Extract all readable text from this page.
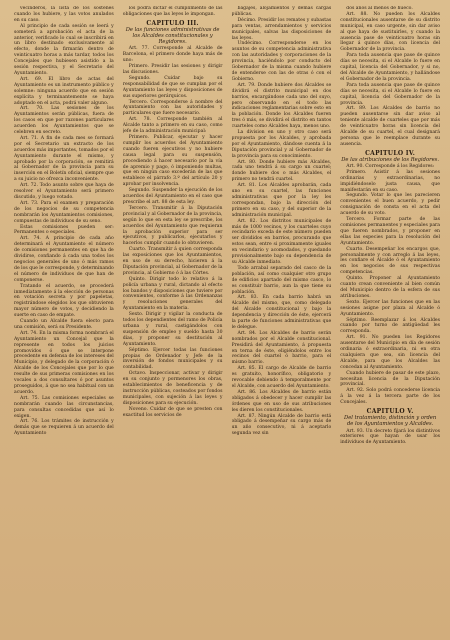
vecinderos, la lista de los sostenes cuando los hubiere, y las votos anulados en su caso.

Al principio de cada sesión se leerá y someterá a aprobación el acta de la anterior, verificado lo cual se inscribirá en un libro destinado exclusivamente al efecto, donde la firmarán dentro de veinticuatro horas a más tardar, todos los Concejales que hubiesen asistido a la sesión respectiva, y el Secretario del Ayuntamiento.

Art. 69. El libro de actas del Ayuntamiento es un instrumento público y solemne: ninguna acuerdo que en sesión explícita y terminantemente se haya adoptado en el acta, podrá valer alguno.

Art. 70. Las sesiones de los Ayuntamientos serán públicas, fuera de los casos en que por razones particulares acuerden los Ayuntamientos que se celebren en secreto.

Art. 71. A fin de cada mes se formará por el Secretario un extracto de los acuerdos más importantes, tomados por el Ayuntamiento durante el mismo, y aprobado por la corporación, se remitirá al Gobernador de la provincia para su inserción en el Boletín oficial, siempre que a su juicio no ofrezca inconveniente.

Art. 72. Todo asunto sobre que haya de resolver el Ayuntamiento será primero discutido, y luego votado.

Art. 73. Para el examen y preparación de los negocios de su competencia nombrarán los Ayuntamientos comisiones, compuestas de individuos de su seno.

Estas comisiones pueden ser: Permanentes o especiales.

Art. 74. A principio de cada año determinará el Ayuntamiento el número de comisiones permanentes en que ha de dividirse, confiando á cada una todos los negocios generales de uno ó más ramos de los que le corresponde, y determinando el número de individuos de que han de componerse.

Tratando el acuerdo, se procederá inmediatamente á la elección de personas en votación secreta y por papeletas, registrándose elegidos los que obtuvieren mayor número de votos, y decidiendo la suerte en caso de empate.

Cuando un Alcalde fuera electo para una comisión, será su Presidente.

Art. 74. En la misma forma nombrará el Ayuntamiento un Concejal que la represente en todos los juicios promovidos ó que se interpone precedente en defensa de los intereses del Municipio, y delegado de la corporación ó Alcalde de los Concejales que por lo que resulte de sus primeras comisiones en los vocales a dos consultares ó por asuntos proseguidos, á que no sea habitual con un acuerdo.

Art. 75. Las comisiones especiales se nombrarán cuando las circunstancias, para consultas concedidas que así lo exigen.

Art. 76. Los trámites de instrucción y demás que se requieren á un acuerdo del Ayuntamiento

los podrá dictar el cumplimiento de las obligaciones que las leyes le impongan.

CAPITULO III.

De las funciones administrativas de los Alcaldes constitucionales y Regidores.

Art. 77. Corresponde al Alcalde de Barcelona, el primero donde haya más de uno:

Primero. Presidir las sesiones y dirigir las discusiones.

Segundo. Cuidar bajo su responsabilidad de que se cumplan por el Ayuntamiento las leyes y disposiciones de sus superiores gerárquicos.

Tercero. Corresponderse á nombre del Ayuntamiento con las autoridades y particulares que fuere necesario.

Art. 78. Corresponde también al Alcalde tanto a primero en su caso, como jefe de la administración municipal:

Primero. Publicar, ejecutar y hacer cumplir los acuerdos del Ayuntamiento cuando fueren ejecutivos y no hubiere causa legal para su suspensión, procediendo á hacer necesario por la vía de apremio y pago, ó imponiendo multas, que en ningún caso excederán de las que establece el párrafo 3.º del artículo 20 y aprobar por insolvencia.

Segundo. Suspender la ejecución de los acuerdos del Ayuntamiento en el caso que prescribe el art. 88 de esta ley.

Tercero. Transmitir á la Diputación provincial y al Gobernador de la provincia, según lo que en esta ley se prescribe, los acuerdos del Ayuntamiento que requieran la aprobación superior para ser ejecutivos, y publicarlos, ejecutarlos y hacerlos cumplir cuando lo obtuvieren.

Cuarto. Transmitir á quien corresponda las exposiciones que los Ayuntamientos, en uso de su derecho, hicieren á la Diputación provincial, al Gobernador de la provincia, al Gobierno ó á las Córtes.

Quinto. Dirigir todo lo relativo á la policía urbana y rural, dictando al efecto los bandos y disposiciones que tuviere por convenientes, conforme á las Ordenanzas y resoluciones generales del Ayuntamiento en la materia.

Sexto. Dirigir y vigilar la conducta de todos los dependientes del ramo de Policía urbana y rural, castigándolos con suspensión de empleo y sueldo hasta 30 días, y proponer su destitución al Ayuntamiento.

Séptimo. Ejercer todas las funciones propias de Ordenador y Jefe de la inversión de fondos municipales y su contabilidad.

Octavo. Inspeccionar, activar y dirigir en su conjunto y pormenores los obras, establecimientos de beneficencia y de instrucción públicas, costeados por fondos municipales, con sujeción á las leyes y disposiciones para su ejecución.

Noveno. Cuidar de que se presten con exactitud los servicios de

bagajes, alojamientos y demás cargas públicas.

Décimo. Presidir los remates y subastas para ventas, arrendamientos y servicios municipales, salvas las disposiciones de las leyes.

Undécimo. Corresponderse en los asuntos de su competencia administrativa con las autoridades y corporaciones de la provincia, haciéndolo por conducto del Gobernador de la misma cuando hubiere de entenderse con las de otras ó con el Gobierno.

Art. 79. Donde hubiere dos Alcaldes se dividirá el distrito municipal en dos barrios, encargándose cada uno del suyo, pero observando en el todo las indicaciones reglamentarias sobre esto en la población. Donde los Alcaldes fueren tres ó más, se dividirá el distrito en tantos cuarteles como Alcaldes haya, menos uno.

La division en uno y otro caso será propuesta por los Alcaldes, y aprobada por el Ayuntamiento, dándose cuenta á la Diputación provincial y al Gobernador de la provincia para su conocimiento.

Art. 80. Donde hubiere más Alcaldes, cada uno tendrá á su cargo un cuartel; donde hubiere dos o más Alcaldes, el primero no tendrá cuartel.

Art. 81. Los Alcaldes aprobarán, cada uno en su cuartel, las funciones administrativas que por la ley les correspondan, bajo la dirección del primero en su caso, y del superior de la administración municipal.

Art. 82. Los distritos municipales de más de 1000 vecinos, y los cuarteles cuyo vecindario exceda de este número pueden ser divididos en barrios, procurando que estos sean, entre si proximamente iguales en vecindario y acomodados, y quedando provisionalmente bajo su dependencia de su Alcalde inmediato.

Todo arrabal separado del casco de la población, así como cualquier otro grupo de edificios apartado del mismo casco, lo es constituir barrio, aun la que tiene su población.

Art. 83. En cada barrio habrá un Alcalde del mismo, que, como delegado del Alcalde constitucional y bajo la dependencia y dirección de éste, ejercerá la parte de funciones administrativas que le delegue.

Art. 84. Los Alcaldes de barrio serán nombrados por el Alcalde constitucional. Presidirá del Ayuntamiento, á propuesta en terna de éste, eligiéndolos entre los vecinos del cuartel ó barrio, para el mismo barrio.

Art. 85. El cargo de Alcalde de barrio es gratuito, honorífico, obligatorio y revocable debiendo á temporalmente por el Alcalde, con acuerdo del Ayuntamiento.

Art. 86. Los Alcaldes de barrio están obligados á obedecer y hacer cumplir las órdenes que en uso de sus atribuciones les dieren los constitucionales.

Art. 87. Ningún Alcalde de barrio está obligado á desempeñar su cargo más de un año consecutivo, ni á aceptarlo segunda vez sin

dos años al menos de hueco.

Art. 88. No pueden los Alcaldes constitucionales ausentarse de su distrito municipal, en caso urgente, sin dar aviso al que haya de sustituirles, y cuando la ausencia pase de veinticuatro horas sin llegar á quince días, con licencia del Gobernador de la provincia.

Para toda ausencia que pase de quince días se necesita, si el Alcalde lo fuere en capital, licencia del Gobernador, y si no, del Alcalde de Ayuntamiento, y hallándose el Gobernador de la provincia.

Para toda ausencia que pase de quince días se necesita, si el Alcalde lo fuere en capital, licencia del Gobernador de la provincia.

Art. 89. Los Alcaldes de barrio no pueden ausentarse sin dar aviso al teniente alcalde de cuarteles que por más de veinticuatro horas sin licencia del Alcalde de su cuartel, el cual designará persona que le reemplace durante su ausencia.

CAPITULO IV.

De las atribuciones de los Regidores.

Art. 90. Corresponde á los Regidores:

Primero. Asistir á las sesiones ordinarias y extraordinarias, no impidiéndoselo justa causa, que manifestarán en su caso.

Segundo. Votar lo que les parecieren convenientes el buen acuerdo, y pedir consignación de consta en el acta del acuerdo de su voto.

Tercero. Formar parte de las comisiones permanentes y especiales para que fueren nombrados, y proponer en ellas las especies para la resolución del Ayuntamiento.

Cuarto. Desempeñar los encargos que, personalmente y con arreglo á las leyes, les confiare el Alcalde ó el Ayuntamiento en los negocios de sus respectivas competencias.

Quinto. Proponer al Ayuntamiento cuanto crean conveniente al bien común del Municipio dentro de la esfera de sus atribuciones.

Sexto. Ejercer las funciones que en las sesiones asigne por plaza al Alcalde ó Ayuntamiento.

Séptimo. Reemplazar á los Alcaldes cuando por turno de antigüedad les corresponda.

Art. 91. No pueden los Regidores ausentarse del Municipio en día de sesión ordinaria ó extraordinaria, ni en otra cualquiera que sea, sin licencia del Alcalde, para que los Alcaldes las concedan al Ayuntamiento.

Cuando hubiere de pasar de este plazo, necesitan licencia de la Diputación provincial.

Art. 92. Solo podrá concederse licencia á la vez á la tercera parte de los Concejales.

CAPITULO V.

Del tratamiento, distinción y orden de los Ayuntamientos y Alcaldes.

Art. 93. Un decreto fijará los distintivos exteriores que hayan de usar los individuos de Ayuntamiento.
